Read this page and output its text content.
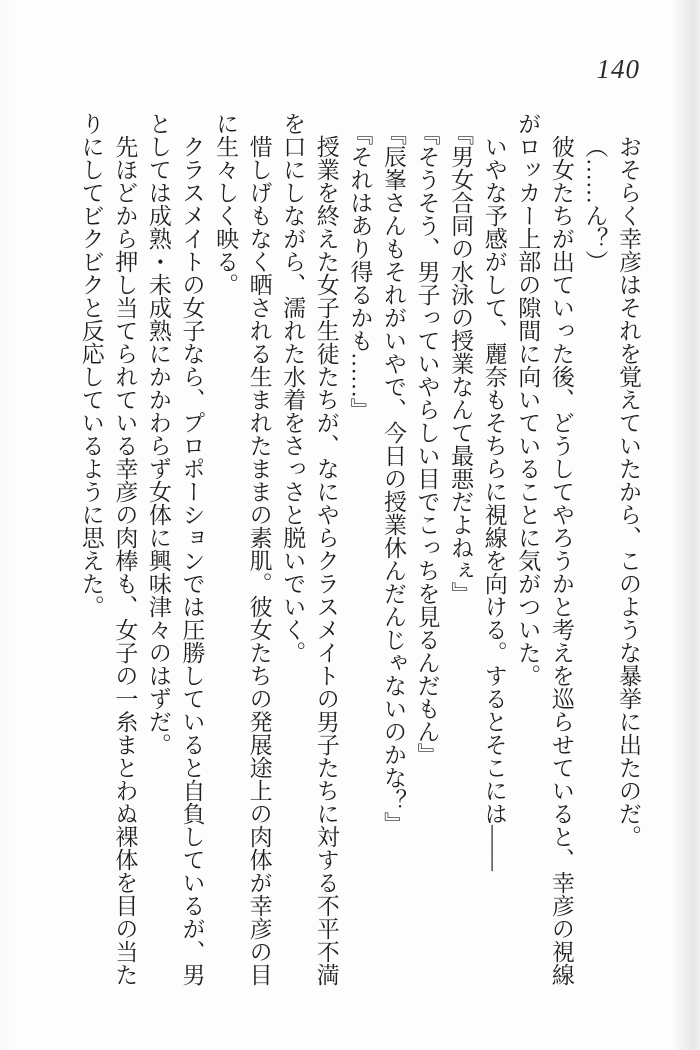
140

おそらく幸彦はそれを覚えていたから、このような暴挙に出たのだ。

（……ん？）

彼女たちが出ていった後、どうしてやろうかと考えを巡らせていると、幸彦の視線がロッカー上部の隙間に向いていることに気がついた。

いやな予感がして、麗奈もそちらに視線を向ける。するとそこには――

『男女合同の水泳の授業なんて最悪だよねぇ』

『そうそう、男子っていやらしい目でこっちを見るんだもん』

『辰峯さんもそれがいやで、今日の授業休んだんじゃないのかな？』

『それはあり得るかも……』

授業を終えた女子生徒たちが、なにやらクラスメイトの男子たちに対する不平不満を口にしながら、濡れた水着をさっさと脱いでいく。

惜しげもなく晒される生まれたままの素肌。彼女たちの発展途上の肉体が幸彦の目に生々しく映る。

クラスメイトの女子なら、プロポーションでは圧勝していると自負しているが、男としては成熟・未成熟にかかわらず女体に興味津々のはずだ。

先ほどから押し当てられている幸彦の肉棒も、女子の一糸まとわぬ裸体を目の当たりにしてビクビクと反応しているように思えた。
